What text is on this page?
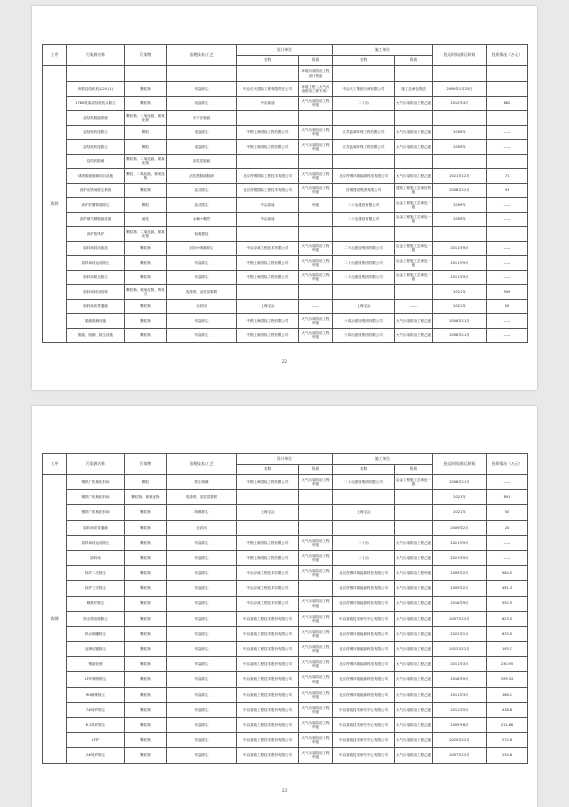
工序	污染源名称	污染物	治理技术/工艺	设计单位		施工单位		投运时间/推运时间	投资情况（万元）
				名称	资质	名称	资质		
炼铁					环境污染防治工程设计资质				
	炼铁烧结机机头24 (1)	颗粒物	布袋除尘	中冶长天国际工程有限责任公司	环境工程（大气污染防治工程专项）	中冶天工集团天津有限公司	施工总承包资质	2009年1月25日	
	1780机架烧结机机头除尘	颗粒物	电袋除尘	中冶赛迪	大气污染防治工程甲级	二十冶	大气污染防治工程乙级	2012年4月	662
	烧结机脱硫系统	颗粒物、二氧化硫、氮氧化物	半干法脱硫						
	烧结机机尾除尘	颗粒	电袋除尘	中钢上海国际工程有限公司	大气污染防治工程甲级	江苏盐城环保工程有限公司	大气污染防治工程乙级	2009年	——
	烧结机机尾除尘	颗粒	电袋除尘	中钢上海国际工程有限公司	大气污染防治工程甲级	江苏盐城环保工程有限公司	大气污染防治工程乙级	2009年	——
	烧结机脱硝	颗粒物、二氧化硫、氮氧化物	活性炭脱硫						
	球团脱硫脱硝项目设施	颗粒、二氧化硫、氮氧化物	活性焦脱硫脱硝	北京首钢国际工程技术有限公司	大气污染防治工程甲级	北京首钢环境能源科技有限公司	大气污染防治工程乙级	2021年12月	71
	高炉出铁场除尘系统	颗粒物	袋式除尘	北京首钢国际工程技术有限公司	大气污染防治工程甲级	首钢建设集团有限公司	建筑工程施工总承包特级	2008年12月	93
	高炉矿槽系统除尘	颗粒	袋式除尘	中冶赛迪	甲级	二十冶建设有限公司	冶金工程施工总承包一级	2009年	——
	高炉煤气精脱硫设施	硫化	水解+吸附	中冶赛迪		二十冶建设有限公司	冶金工程施工总承包一级	2009年	——
	高炉热风炉	颗粒物、二氧化硫、氮氧化物	低氮燃烧						
	原料场封闭改造	颗粒物	封闭+喷淋抑尘	中冶京诚工程技术有限公司	大气污染防治工程甲级	二十冶建设集团有限公司	冶金工程施工总承包一级	2011年9月	——
	原料场转运站除尘	颗粒物	布袋除尘	中钢上海国际工程有限公司	大气污染防治工程甲级	二十冶建设集团有限公司	冶金工程施工总承包一级	2011年9月	——
	原料场筒仓除尘	颗粒物	布袋除尘	中钢上海国际工程有限公司	大气污染防治工程甲级	二十冶建设集团有限公司	冶金工程施工总承包一级	2011年9月	——
	原料场封闭结构	颗粒物、氮氧化物、挥发分	洗涤塔、活性炭吸附					2021年	959
	原料场皮带通廊	颗粒物	全封闭	上海宝冶	——	上海宝冶	——	2021年	50
	脱硫脱硝设施	颗粒物	布袋除尘	中钢上海国际工程有限公司	大气污染防治工程甲级	十四冶建设集团有限公司	大气污染防治工程乙级	2008年11月	——
	脱硫、脱硝、除尘设施	颗粒物	布袋除尘	中钢上海国际工程有限公司	大气污染防治工程甲级	十四冶建设集团有限公司	大气污染防治工程乙级	2008年11月	——
22
工序	污染源名称	污染物	治理技术/工艺	设计单位		施工单位		投运时间/推运时间	投资情况（万元）
				名称	资质	名称	资质		
炼钢	钢铁厂机械化料场	颗粒	抑尘喷淋	中钢上海国际工程有限公司	大气污染防治工程甲级	二十冶建设集团有限公司	冶金工程施工总承包一级	2008年11月	——
	钢铁厂机械化料场	颗粒物、氮氧化物	洗涤塔、活性炭吸附					2021年	891
	钢铁厂机械化料场	颗粒物	喷淋抑尘	上海宝冶		上海宝冶		2021年	50
	原料场皮带通廊	颗粒物	全封闭					2009年2月	20
	原料场转运站除尘	颗粒物	布袋除尘	中钢上海国际工程有限公司	大气污染防治工程甲级	二十冶	大气污染防治工程乙级	2021年9月	——
	原料场	颗粒物	布袋除尘	中钢上海国际工程有限公司	大气污染防治工程甲级	二十冶	大气污染防治工程乙级	2021年9月	——
	转炉二次除尘	颗粒物	布袋除尘	中冶京诚工程技术有限公司	大气污染防治工程甲级	北京首钢环境能源科技有限公司	大气污染防治工程甲级	2009年2月	964.5
	转炉三次除尘	颗粒物	布袋除尘	中冶京诚工程技术有限公司		北京首钢环境能源科技有限公司	大气污染防治工程乙级	2009年2月	491.3
	精炼炉除尘	颗粒物	布袋除尘	中冶京诚工程技术有限公司	大气污染防治工程甲级	北京首钢环境能源科技有限公司	大气污染防治工程乙级	2018年9月	592.5
	铁水预处理除尘	颗粒物	布袋除尘	中冶赛迪工程技术股份有限公司	大气污染防治工程甲级	中冶赛迪技术研究中心有限公司	大气污染防治工程乙级	2007年12月	823.3
	铁水倒罐除尘	颗粒物	布袋除尘	中冶赛迪工程技术股份有限公司	大气污染防治工程甲级	北京首钢环境能源科技有限公司	大气污染防治工程乙级	2022年1月	833.5
	连铸切割除尘	颗粒物	布袋除尘	中冶赛迪工程技术股份有限公司	大气污染防治工程甲级	北京首钢环境能源科技有限公司	大气污染防治工程乙级	2022年12月	193.7
	钢渣处理	颗粒物	布袋除尘	中冶赛迪工程技术股份有限公司	大气污染防治工程甲级	北京首钢环境能源科技有限公司	大气污染防治工程乙级	2011年3月	230.95
	LF炉精炼除尘	颗粒物	布袋除尘	中冶赛迪工程技术股份有限公司	大气污染防治工程甲级	北京首钢环境能源科技有限公司	大气污染防治工程乙级	2018年9月	299.34
	RH精炼除尘	颗粒物	布袋除尘	中冶赛迪工程技术股份有限公司	大气污染防治工程甲级	北京首钢环境能源科技有限公司	大气污染防治工程乙级	2011年3月	166.1
	7#转炉除尘	颗粒物	布袋除尘	中冶赛迪工程技术股份有限公司	大气污染防治工程甲级	中冶赛迪技术研究中心有限公司	大气污染防治工程乙级	2011年5月	438.8
	8-1转炉除尘	颗粒物	布袋除尘	中冶赛迪工程技术股份有限公司	大气污染防治工程甲级	中冶赛迪技术研究中心有限公司	大气污染防治工程乙级	2009年8月	211.86
	LF炉	颗粒物	布袋除尘	中冶赛迪工程技术股份有限公司	大气污染防治工程甲级	中冶赛迪技术研究中心有限公司	大气污染防治工程乙级	2020年12月	272.6
	2#转炉除尘	颗粒物	布袋除尘	中冶赛迪工程技术股份有限公司	大气污染防治工程甲级	中冶赛迪技术研究中心有限公司	大气污染防治工程乙级	2007年12月	230.8
23
